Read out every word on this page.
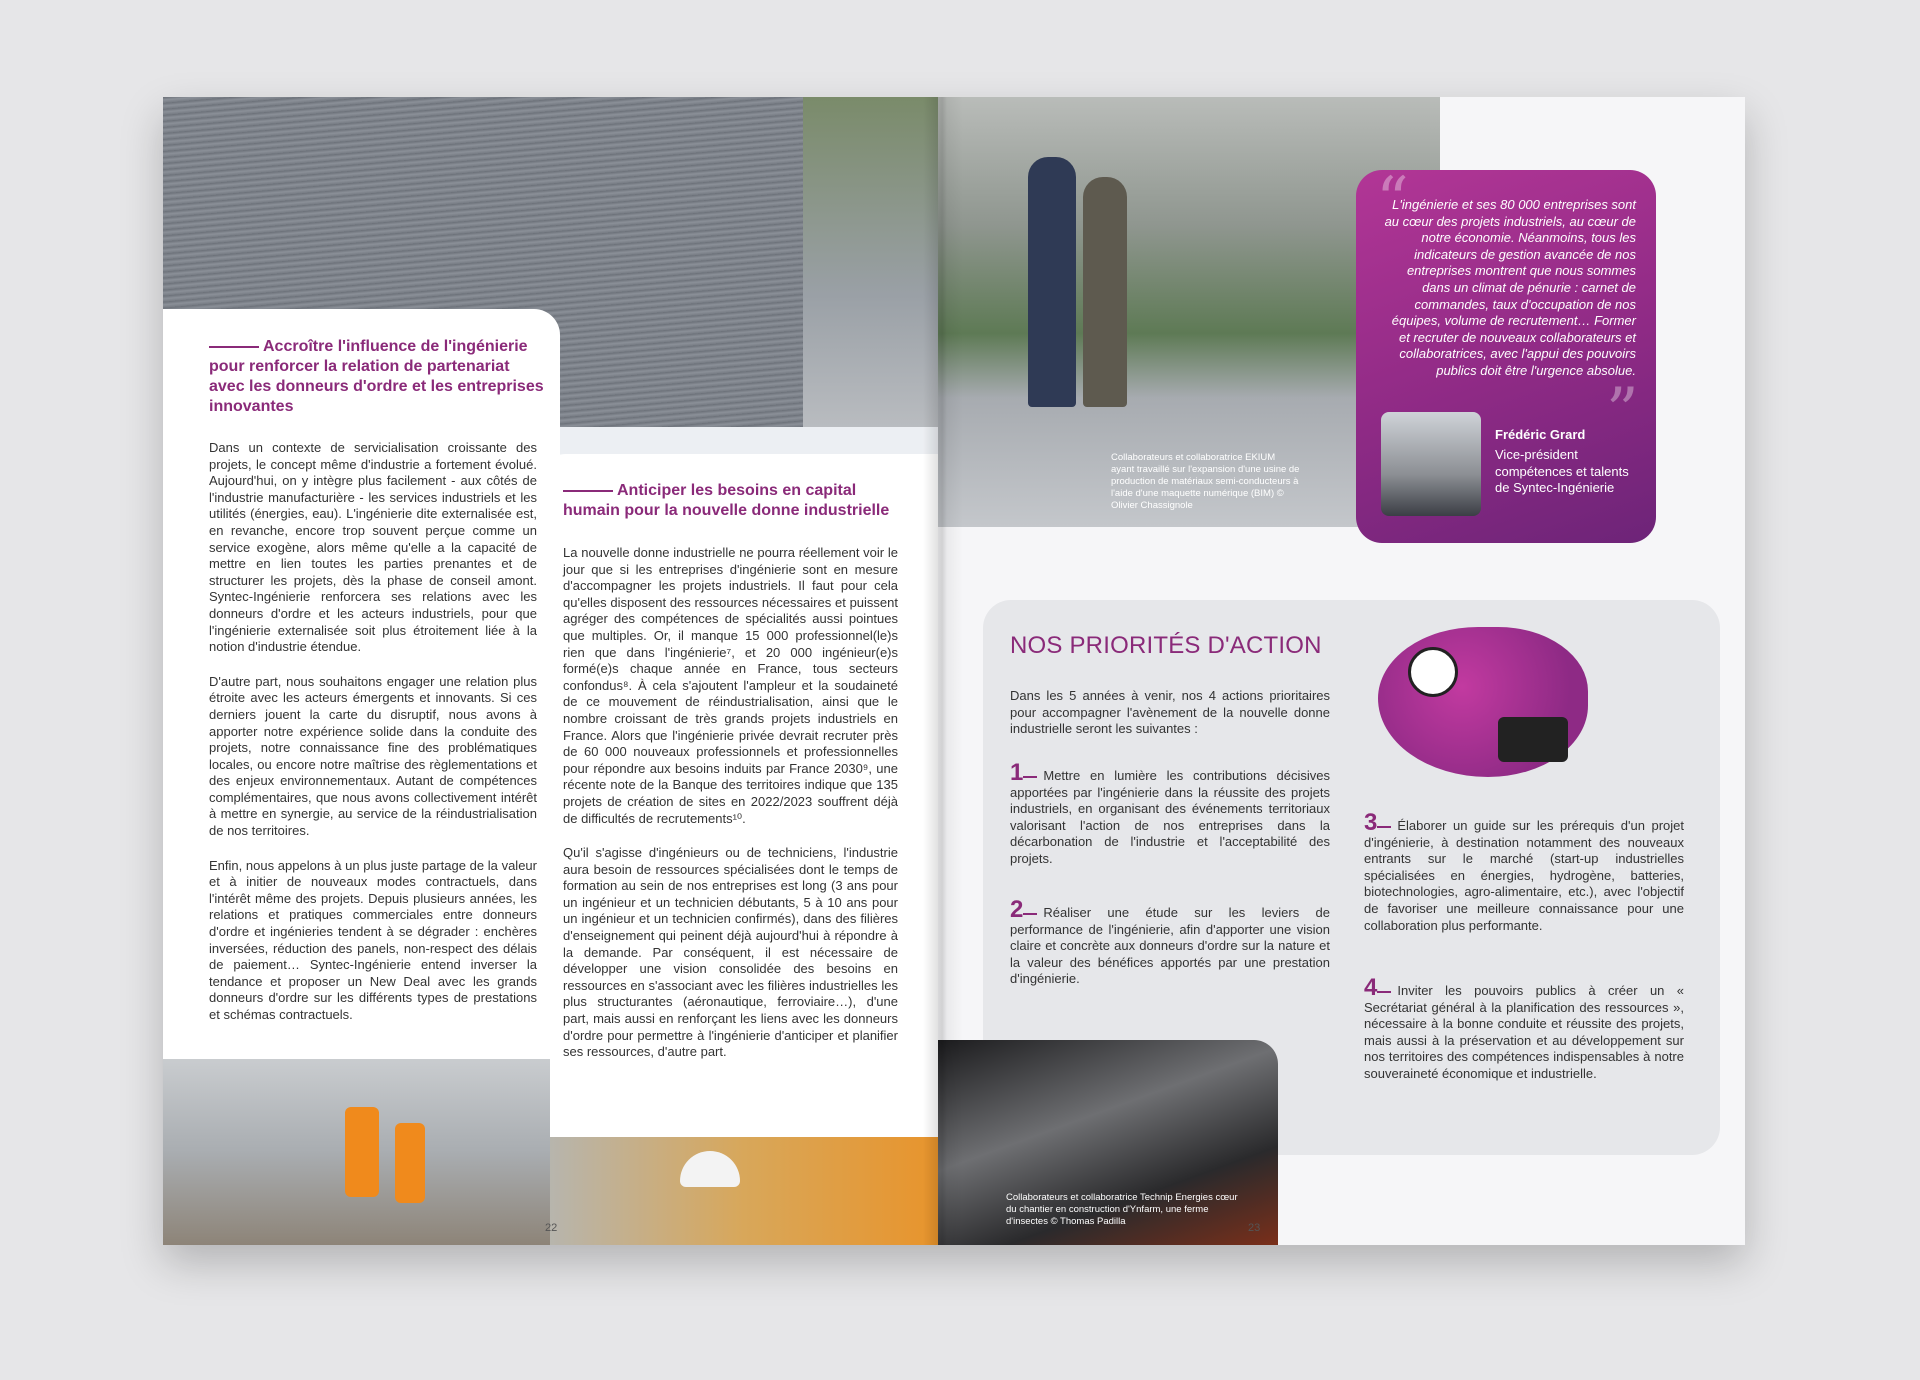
Accroître l'influence de l'ingénierie pour renforcer la relation de partenariat avec les donneurs d'ordre et les entreprises innovantes

Dans un contexte de servicialisation croissante des projets, le concept même d'industrie a fortement évolué. Aujourd'hui, on y intègre plus facilement - aux côtés de l'industrie manufacturière - les services industriels et les utilités (énergies, eau). L'ingénierie dite externalisée est, en revanche, encore trop souvent perçue comme un service exogène, alors même qu'elle a la capacité de mettre en lien toutes les parties prenantes et de structurer les projets, dès la phase de conseil amont. Syntec-Ingénierie renforcera ses relations avec les donneurs d'ordre et les acteurs industriels, pour que l'ingénierie externalisée soit plus étroitement liée à la notion d'industrie étendue.

D'autre part, nous souhaitons engager une relation plus étroite avec les acteurs émergents et innovants. Si ces derniers jouent la carte du disruptif, nous avons à apporter notre expérience solide dans la conduite des projets, notre connaissance fine des problématiques locales, ou encore notre maîtrise des règlementations et des enjeux environnementaux. Autant de compétences complémentaires, que nous avons collectivement intérêt à mettre en synergie, au service de la réindustrialisation de nos territoires.

Enfin, nous appelons à un plus juste partage de la valeur et à initier de nouveaux modes contractuels, dans l'intérêt même des projets. Depuis plusieurs années, les relations et pratiques commerciales entre donneurs d'ordre et ingénieries tendent à se dégrader : enchères inversées, réduction des panels, non-respect des délais de paiement… Syntec-Ingénierie entend inverser la tendance et proposer un New Deal avec les grands donneurs d'ordre sur les différents types de prestations et schémas contractuels.

Anticiper les besoins en capital humain pour la nouvelle donne industrielle

La nouvelle donne industrielle ne pourra réellement voir le jour que si les entreprises d'ingénierie sont en mesure d'accompagner les projets industriels. Il faut pour cela qu'elles disposent des ressources nécessaires et puissent agréger des compétences de spécialités aussi pointues que multiples. Or, il manque 15 000 professionnel(le)s rien que dans l'ingénierie⁷, et 20 000 ingénieur(e)s formé(e)s chaque année en France, tous secteurs confondus⁸. À cela s'ajoutent l'ampleur et la soudaineté de ce mouvement de réindustrialisation, ainsi que le nombre croissant de très grands projets industriels en France. Alors que l'ingénierie privée devrait recruter près de 60 000 nouveaux professionnels et professionnelles pour répondre aux besoins induits par France 2030⁹, une récente note de la Banque des territoires indique que 135 projets de création de sites en 2022/2023 souffrent déjà de difficultés de recrutements¹⁰.

Qu'il s'agisse d'ingénieurs ou de techniciens, l'industrie aura besoin de ressources spécialisées dont le temps de formation au sein de nos entreprises est long (3 ans pour un ingénieur et un technicien débutants, 5 à 10 ans pour un ingénieur et un technicien confirmés), dans des filières d'enseignement qui peinent déjà aujourd'hui à répondre à la demande. Par conséquent, il est nécessaire de développer une vision consolidée des besoins en ressources en s'associant avec les filières industrielles les plus structurantes (aéronautique, ferroviaire…), d'une part, mais aussi en renforçant les liens avec les donneurs d'ordre pour permettre à l'ingénierie d'anticiper et planifier ses ressources, d'autre part.

22
Collaborateurs et collaboratrice EKIUM ayant travaillé sur l'expansion d'une usine de production de matériaux semi-conducteurs à l'aide d'une maquette numérique (BIM) © Olivier Chassignole
“
L'ingénierie et ses 80 000 entreprises sont au cœur des projets industriels, au cœur de notre économie. Néanmoins, tous les indicateurs de gestion avancée de nos entreprises montrent que nous sommes dans un climat de pénurie : carnet de commandes, taux d'occupation de nos équipes, volume de recrutement… Former et recruter de nouveaux collaborateurs et collaboratrices, avec l'appui des pouvoirs publics doit être l'urgence absolue.
”
Frédéric Grard
Vice-président compétences et talents de Syntec-Ingénierie
NOS PRIORITÉS D'ACTION
Dans les 5 années à venir, nos 4 actions prioritaires pour accompagner l'avènement de la nouvelle donne industrielle seront les suivantes :
1 Mettre en lumière les contributions décisives apportées par l'ingénierie dans la réussite des projets industriels, en organisant des événements territoriaux valorisant l'action de nos entreprises dans la décarbonation de l'industrie et l'acceptabilité des projets.
2 Réaliser une étude sur les leviers de performance de l'ingénierie, afin d'apporter une vision claire et concrète aux donneurs d'ordre sur la nature et la valeur des bénéfices apportés par une prestation d'ingénierie.
3 Élaborer un guide sur les prérequis d'un projet d'ingénierie, à destination notamment des nouveaux entrants sur le marché (start-up industrielles spécialisées en énergies, hydrogène, batteries, biotechnologies, agro-alimentaire, etc.), avec l'objectif de favoriser une meilleure connaissance pour une collaboration plus performante.
4 Inviter les pouvoirs publics à créer un « Secrétariat général à la planification des ressources », nécessaire à la bonne conduite et réussite des projets, mais aussi à la préservation et au développement sur nos territoires des compétences indispensables à notre souveraineté économique et industrielle.
Collaborateurs et collaboratrice Technip Energies cœur du chantier en construction d'Ynfarm, une ferme d'insectes © Thomas Padilla
23
